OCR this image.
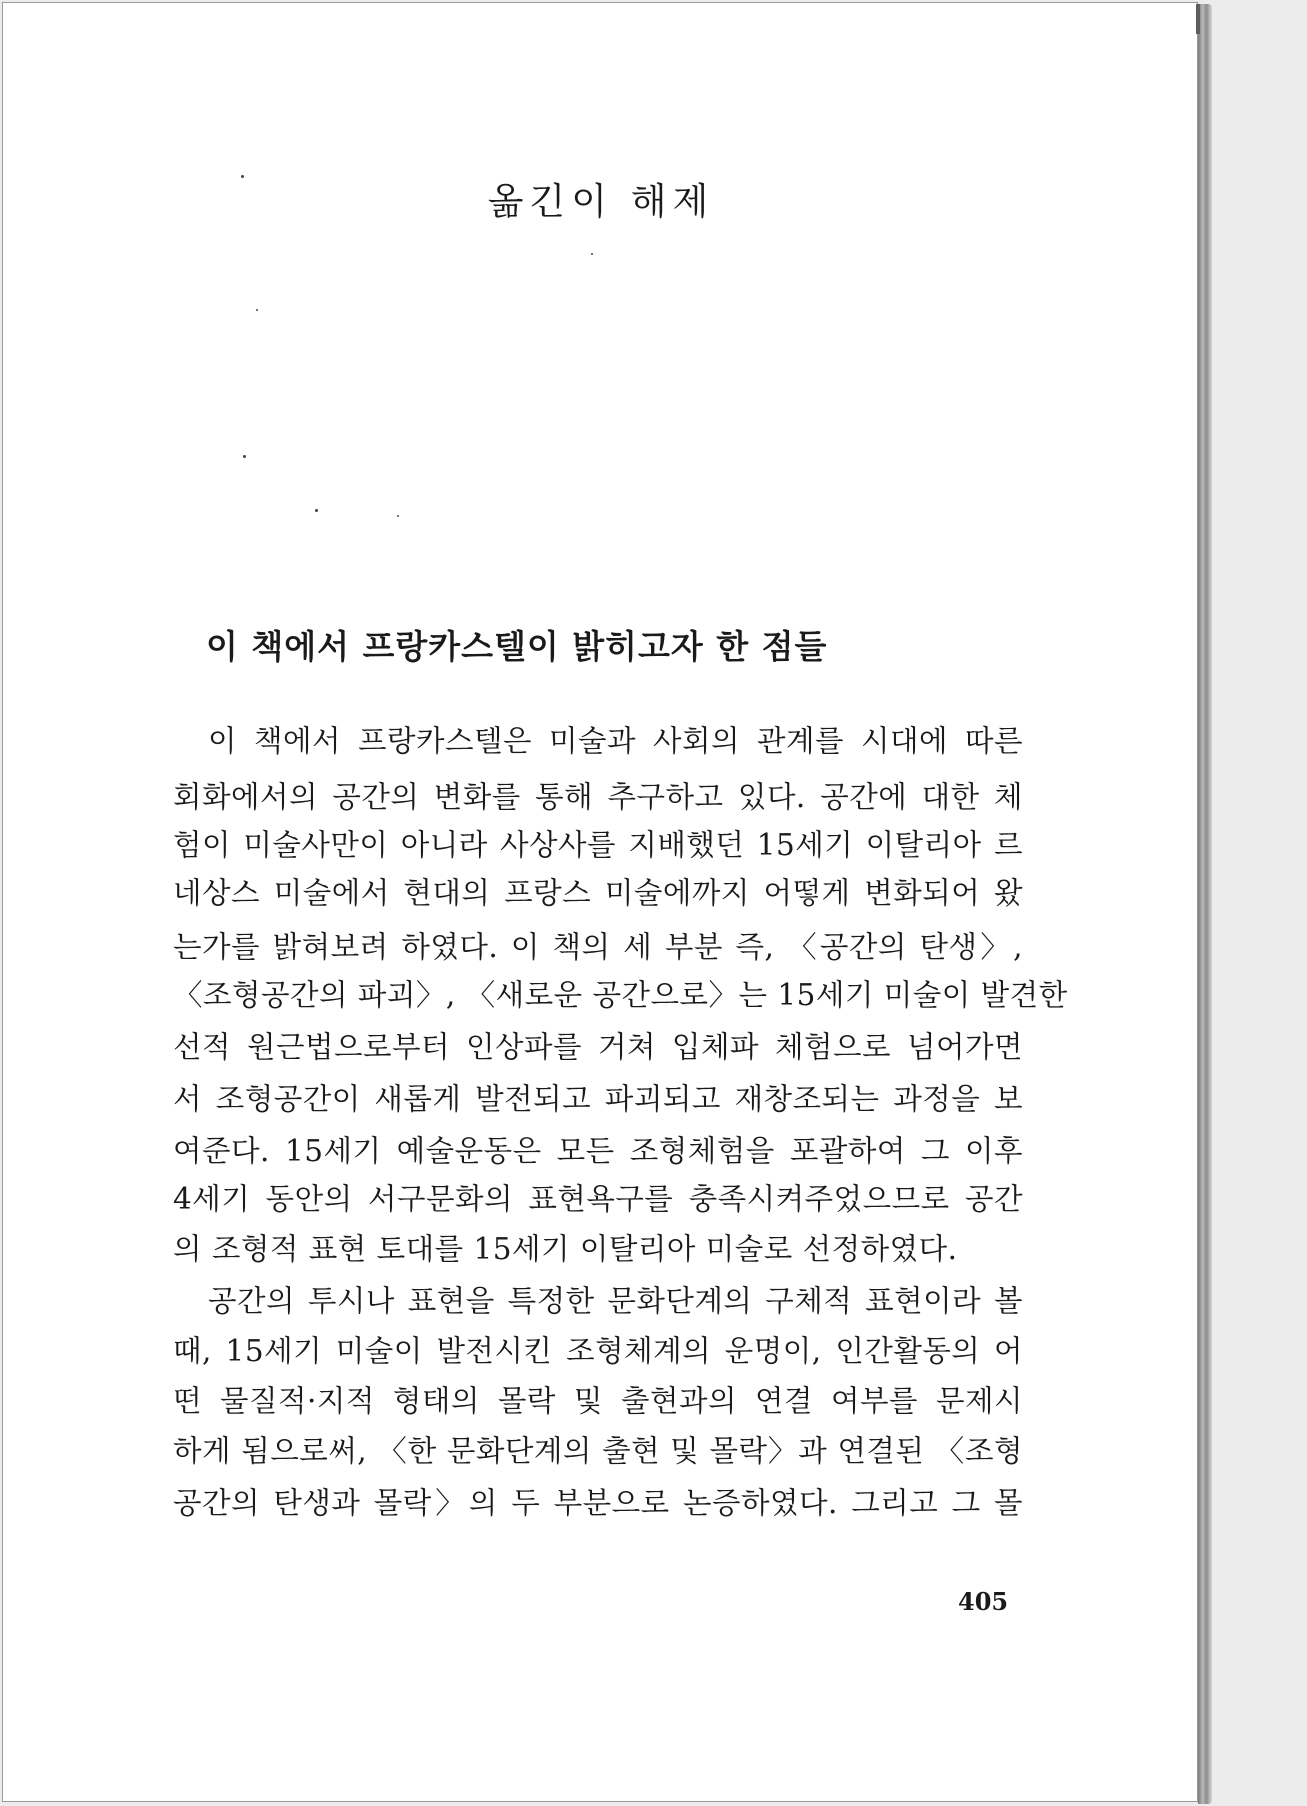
옮긴이 해제
이 책에서 프랑카스텔이 밝히고자 한 점들
이 책에서 프랑카스텔은 미술과 사회의 관계를 시대에 따른
회화에서의 공간의 변화를 통해 추구하고 있다. 공간에 대한 체
험이 미술사만이 아니라 사상사를 지배했던 15세기 이탈리아 르
네상스 미술에서 현대의 프랑스 미술에까지 어떻게 변화되어 왔
는가를 밝혀보려 하였다. 이 책의 세 부분 즉, 〈공간의 탄생〉,
〈조형공간의 파괴〉, 〈새로운 공간으로〉는 15세기 미술이 발견한
선적 원근법으로부터 인상파를 거쳐 입체파 체험으로 넘어가면
서 조형공간이 새롭게 발전되고 파괴되고 재창조되는 과정을 보
여준다. 15세기 예술운동은 모든 조형체험을 포괄하여 그 이후
4세기 동안의 서구문화의 표현욕구를 충족시켜주었으므로 공간
의 조형적 표현 토대를 15세기 이탈리아 미술로 선정하였다.
공간의 투시나 표현을 특정한 문화단계의 구체적 표현이라 볼
때, 15세기 미술이 발전시킨 조형체계의 운명이, 인간활동의 어
떤 물질적·지적 형태의 몰락 및 출현과의 연결 여부를 문제시
하게 됨으로써, 〈한 문화단계의 출현 및 몰락〉과 연결된 〈조형
공간의 탄생과 몰락〉의 두 부분으로 논증하였다. 그리고 그 몰
405
